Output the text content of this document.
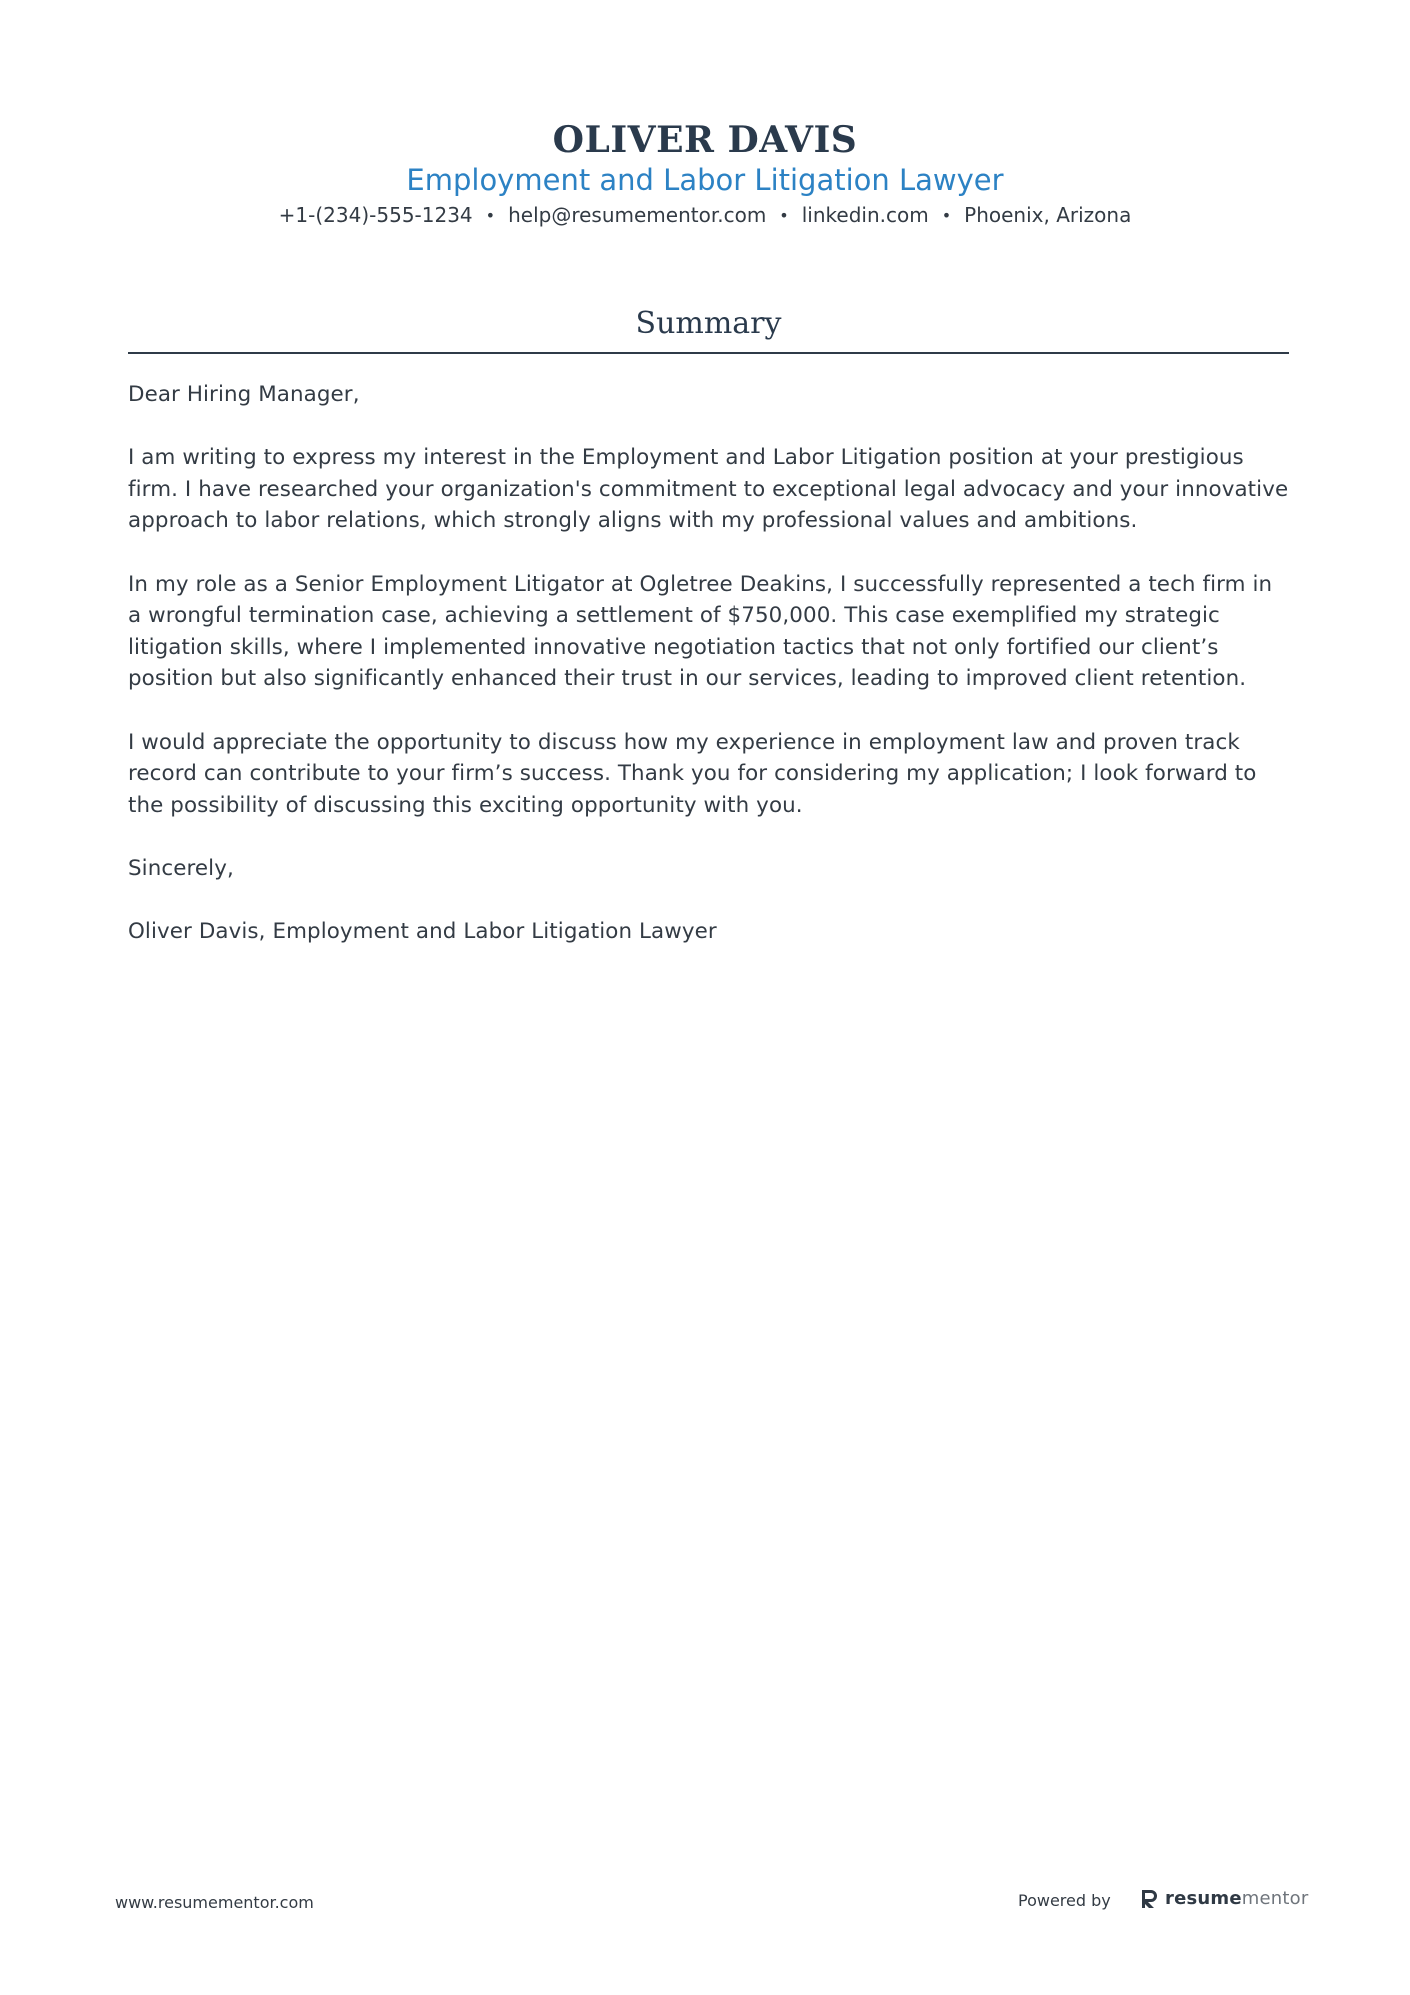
OLIVER DAVIS
Employment and Labor Litigation Lawyer
+1-(234)-555-1234 • help@resumementor.com • linkedin.com • Phoenix, Arizona
Summary

Dear Hiring Manager,

I am writing to express my interest in the Employment and Labor Litigation position at your prestigious firm. I have researched your organization's commitment to exceptional legal advocacy and your innovative approach to labor relations, which strongly aligns with my professional values and ambitions.

In my role as a Senior Employment Litigator at Ogletree Deakins, I successfully represented a tech firm in a wrongful termination case, achieving a settlement of $750,000. This case exemplified my strategic litigation skills, where I implemented innovative negotiation tactics that not only fortified our client’s position but also significantly enhanced their trust in our services, leading to improved client retention.

I would appreciate the opportunity to discuss how my experience in employment law and proven track record can contribute to your firm’s success. Thank you for considering my application; I look forward to the possibility of discussing this exciting opportunity with you.

Sincerely,

Oliver Davis, Employment and Labor Litigation Lawyer

www.resumementor.com	Powered by	resumementor
